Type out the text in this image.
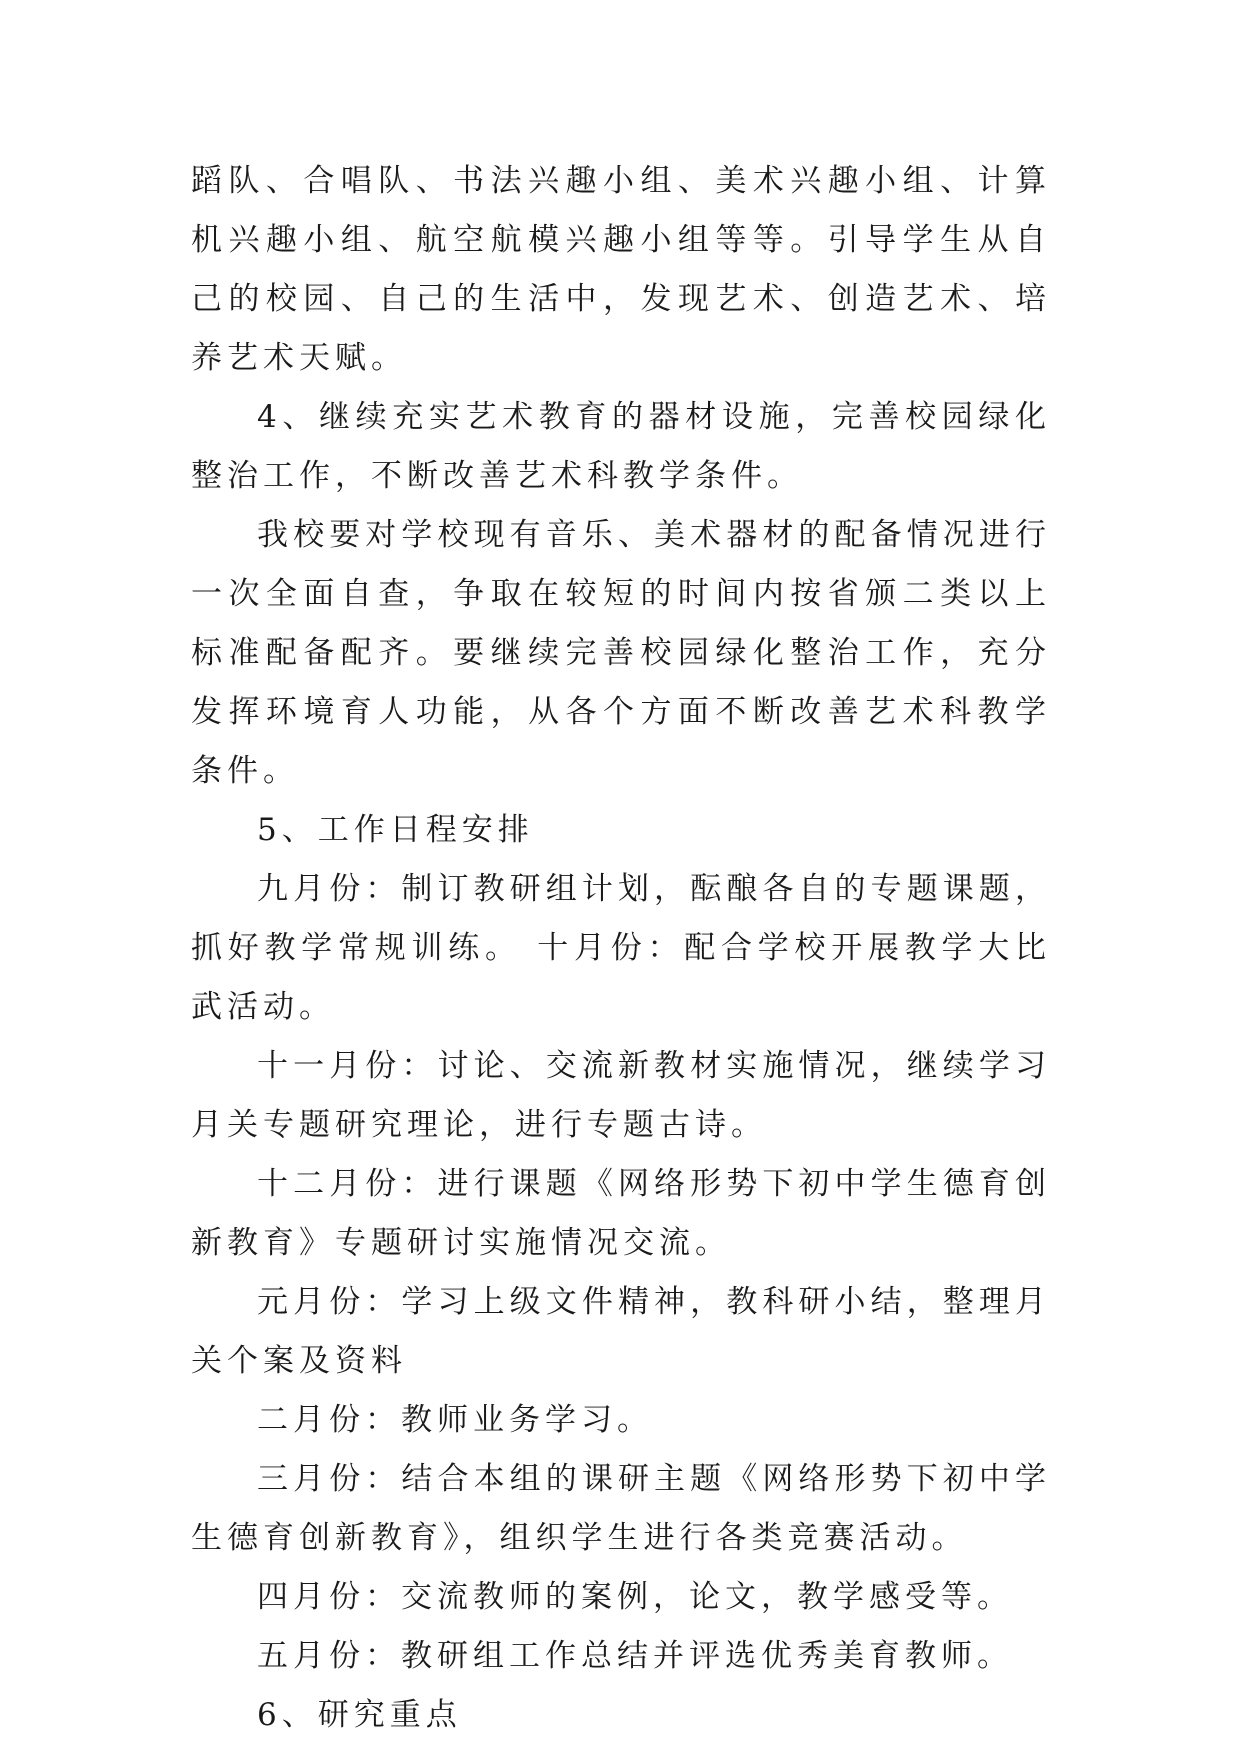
蹈队、合唱队、书法兴趣小组、美术兴趣小组、计算机兴趣小组、航空航模兴趣小组等等。引导学生从自己的校园、自己的生活中，发现艺术、创造艺术、培养艺术天赋。

4、继续充实艺术教育的器材设施，完善校园绿化整治工作，不断改善艺术科教学条件。

我校要对学校现有音乐、美术器材的配备情况进行一次全面自查，争取在较短的时间内按省颁二类以上标准配备配齐。要继续完善校园绿化整治工作，充分发挥环境育人功能，从各个方面不断改善艺术科教学条件。

5、工作日程安排

九月份：制订教研组计划，酝酿各自的专题课题，抓好教学常规训练。 十月份：配合学校开展教学大比武活动。

十一月份：讨论、交流新教材实施情况，继续学习月关专题研究理论，进行专题古诗。

十二月份：进行课题《网络形势下初中学生德育创新教育》专题研讨实施情况交流。

元月份：学习上级文件精神，教科研小结，整理月关个案及资料

二月份：教师业务学习。

三月份：结合本组的课研主题《网络形势下初中学生德育创新教育》，组织学生进行各类竞赛活动。

四月份：交流教师的案例，论文，教学感受等。

五月份：教研组工作总结并评选优秀美育教师。

6、研究重点
